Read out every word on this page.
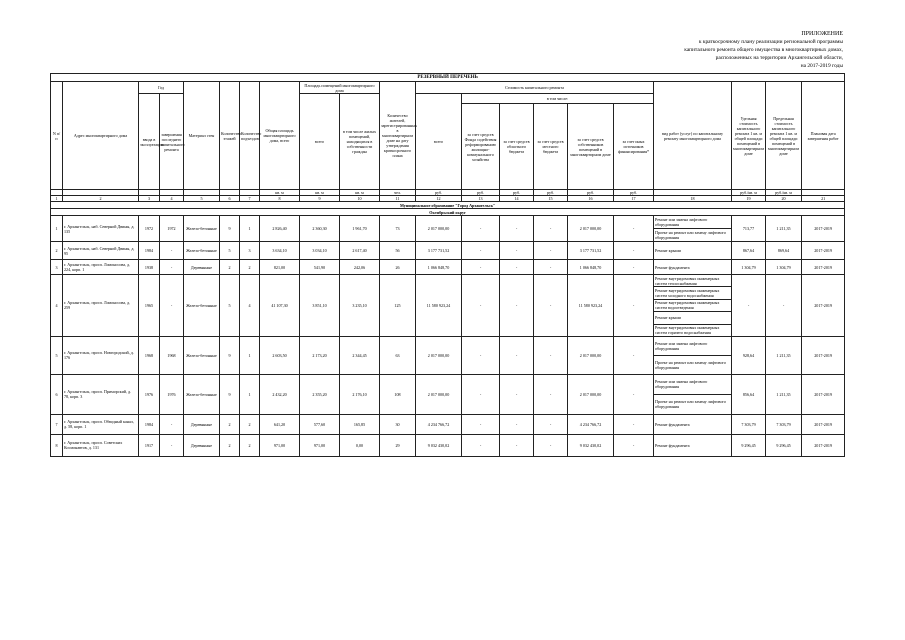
ПРИЛОЖЕНИЕ
к краткосрочному плану реализации региональной программы
капитального ремонта общего имущества в многоквартирных домах,
расположенных на территории Архангельской области,
на 2017-2019 годы
РЕЗЕРВНЫЙ ПЕРЕЧЕНЬ																				
N п/п	Адрес многоквартирного дома	Год		Материал стен	Количество этажей	Количество подъездов	Общая площадь многоквартирного дома, всего	Площадь помещений многоквартирного дома		Количество жителей, зарегистрированных в многоквартирном доме на дату утверждения краткосрочного плана	Стоимость капитального ремонта						вид работ (услуг) по капитальному ремонту многоквартирного дома	Удельная стоимость капитального ремонта 1 кв. м общей площади помещений в многоквартирном доме	Предельная стоимость капитального ремонта 1 кв. м общей площади помещений в многоквартирном доме	Плановая дата завершения работ
		ввода в эксплуатацию	завершения последнего капитального ремонта					всего	в том числе жилых помещений, находящихся в собственности граждан		всего	в том числе:								
												за счет средств Фонда содействия реформированию жилищно-коммунального хозяйства	за счет средств областного бюджета	за счет средств местного бюджета	за счет средств собственников помещений в многоквартирном доме	за счет иных источников финансирования*				
							кв. м	кв. м	кв. м	чел.	руб.	руб.	руб.	руб.	руб.	руб.		руб./кв. м	руб./кв. м	
1	2	3	4	5	6	7	8	9	10	11	12	13	14	15	16	17	18	19	20	21
Муниципальное образование "Город Архангельск"																				
Октябрьский округ																				
1	г. Архангельск, наб. Северной Двины, д. 135	1972	1972	Железо-бетонные	9	1	2 826,40	2 360,30	1 961,70	73	2 017 000,00	-	-	-	2 017 000,00	-	Ремонт или замена лифтового оборудования	713,77	1 211,35	2017-2019
																	Проект на ремонт или замену лифтового оборудования			
2	г. Архангельск, наб. Северной Двины, д. 95	1984	-	Железо-бетонные	5	3	3 634,10	3 034,10	2 617,40	56	3 177 731,52	-	-	-	3 177 731,52	-	Ремонт крыши	867,64	869,64	2017-2019
3	г. Архангельск, просп. Ломоносова, д. 224, корп. 1	1938	-	Деревянные	2	2	821,00	541,90	242,06	26	1 066 848,70	-	-	-	1 066 848,70	-	Ремонт фундамента	1 304,79	1 304,79	2017-2019
4	г. Архангельск, просп. Ломоносова, д. 259	1965	-	Железо-бетонные	5	4	41 107,30	3 851,10	3 235,10	125	11 580 923,24	-	-	-	11 580 923,24	-	Ремонт внутридомовых инженерных систем теплоснабжения	-	-	2017-2019
																	Ремонт внутридомовых инженерных систем холодного водоснабжения			
																	Ремонт внутридомовых инженерных систем водоотведения			
																	Ремонт крыши			
																	Ремонт внутридомовых инженерных систем горячего водоснабжения			
5	г. Архангельск, просп. Новгородский, д. 176	1968	1968	Железо-бетонные	9	1	2 603,50	2 173,20	2 344,45	63	2 017 000,00	-	-	-	2 017 000,00	-	Ремонт или замена лифтового оборудования	928,64	1 211,35	2017-2019
																	Проект на ремонт или замену лифтового оборудования			
6	г. Архангельск, просп. Приморский, д. 78, корп. 3	1976	1976	Железо-бетонные	9	1	2 432,20	2 355,20	2 176,10	108	2 017 000,00	-	-	-	2 017 000,00	-	Ремонт или замена лифтового оборудования	856,64	1 211,35	2017-2019
																	Проект на ремонт или замену лифтового оборудования			
7	г. Архангельск, просп. Обводный канал, д. 58, корп. 1	1984	-	Деревянные	2	2	641,20	577,60	165,85	30	4 234 766,72	-	-	-	4 234 766,72	-	Ремонт фундамента	7 303,79	7 303,79	2017-2019
8	г. Архангельск, просп. Советских Космонавтов, д. 131	1917	-	Деревянные	2	2	971,00	971,00	0,00	29	9 032 430,02	-	-	-	9 032 430,02	-	Ремонт фундамента	9 296,45	9 296,45	2017-2019
